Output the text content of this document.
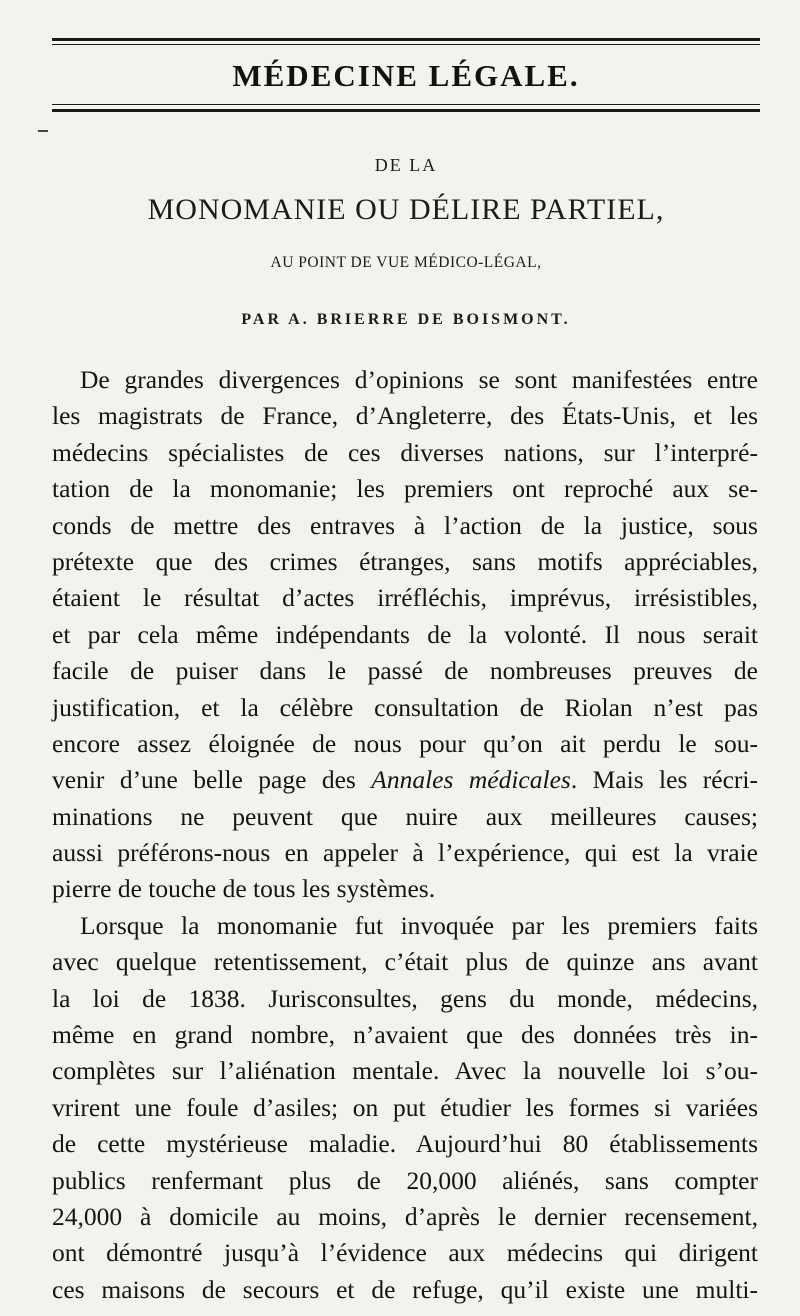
MÉDECINE LÉGALE.
DE LA
MONOMANIE OU DÉLIRE PARTIEL,
AU POINT DE VUE MÉDICO-LÉGAL,
PAR A. BRIERRE DE BOISMONT.
De grandes divergences d’opinions se sont manifestées entre
les magistrats de France, d’Angleterre, des États-Unis, et les
médecins spécialistes de ces diverses nations, sur l’interpré-
tation de la monomanie; les premiers ont reproché aux se-
conds de mettre des entraves à l’action de la justice, sous
prétexte que des crimes étranges, sans motifs appréciables,
étaient le résultat d’actes irréfléchis, imprévus, irrésistibles,
et par cela même indépendants de la volonté. Il nous serait
facile de puiser dans le passé de nombreuses preuves de
justification, et la célèbre consultation de Riolan n’est pas
encore assez éloignée de nous pour qu’on ait perdu le sou-
venir d’une belle page des Annales médicales. Mais les récri-
minations ne peuvent que nuire aux meilleures causes;
aussi préférons-nous en appeler à l’expérience, qui est la vraie
pierre de touche de tous les systèmes.
Lorsque la monomanie fut invoquée par les premiers faits
avec quelque retentissement, c’était plus de quinze ans avant
la loi de 1838. Jurisconsultes, gens du monde, médecins,
même en grand nombre, n’avaient que des données très in-
complètes sur l’aliénation mentale. Avec la nouvelle loi s’ou-
vrirent une foule d’asiles; on put étudier les formes si variées
de cette mystérieuse maladie. Aujourd’hui 80 établissements
publics renfermant plus de 20,000 aliénés, sans compter
24,000 à domicile au moins, d’après le dernier recensement,
ont démontré jusqu’à l’évidence aux médecins qui dirigent
ces maisons de secours et de refuge, qu’il existe une multi-
